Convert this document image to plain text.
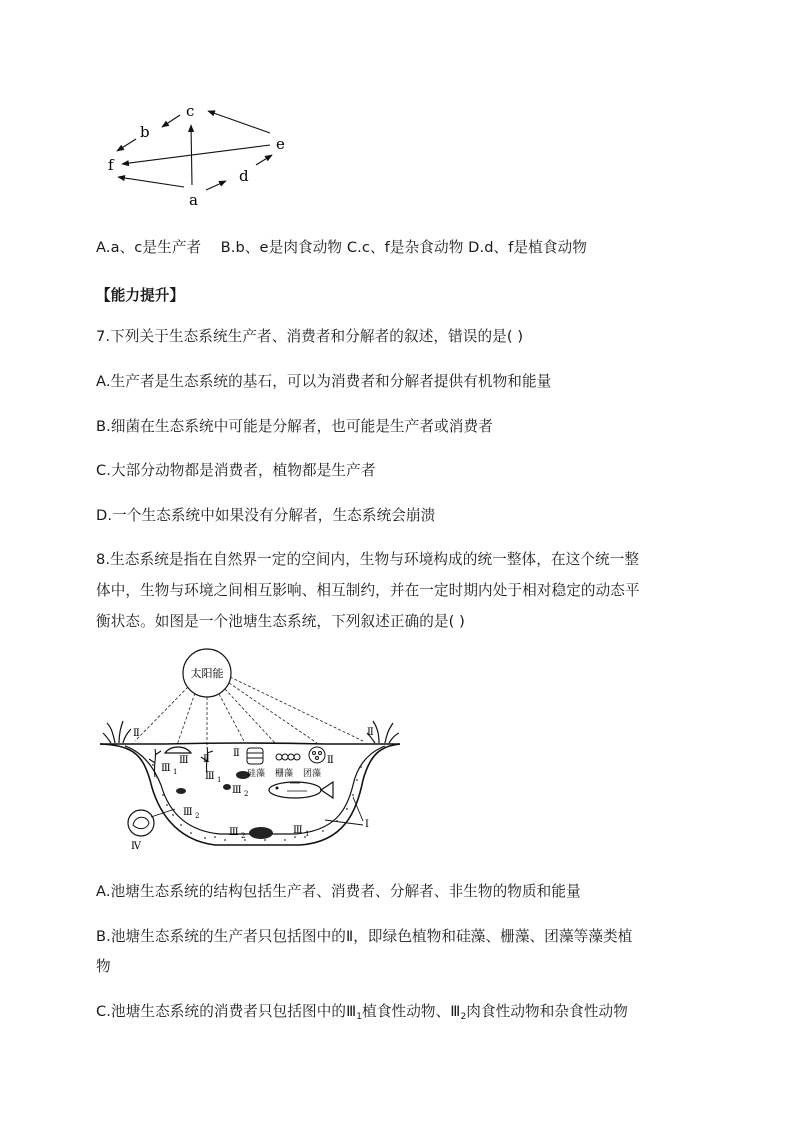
c
b
f
e
d
a
A.a、c是生产者　 B.b、e是肉食动物 C.c、f是杂食动物 D.d、f是植食动物
【能力提升】
7.下列关于生态系统生产者、消费者和分解者的叙述，错误的是( )
A.生产者是生态系统的基石，可以为消费者和分解者提供有机物和能量
B.细菌在生态系统中可能是分解者，也可能是生产者或消费者
C.大部分动物都是消费者，植物都是生产者
D.一个生态系统中如果没有分解者，生态系统会崩溃
8.生态系统是指在自然界一定的空间内，生物与环境构成的统一整体，在这个统一整
体中，生物与环境之间相互影响、相互制约，并在一定时期内处于相对稳定的动态平
衡状态。如图是一个池塘生态系统，下列叙述正确的是( )
太阳能
Ⅱ	Ⅱ
Ⅱ
Ⅱ
Ⅱ
Ⅲ
Ⅲ 1	Ⅲ 1
Ⅲ 2
Ⅲ 2
Ⅲ 2	Ⅲ 1
Ⅰ
Ⅳ
硅藻 栅藻 团藻
A.池塘生态系统的结构包括生产者、消费者、分解者、非生物的物质和能量
B.池塘生态系统的生产者只包括图中的Ⅱ，即绿色植物和硅藻、栅藻、团藻等藻类植
物
C.池塘生态系统的消费者只包括图中的$Ⅲ_1$植食性动物、$Ⅲ_2$肉食性动物和杂食性动物
